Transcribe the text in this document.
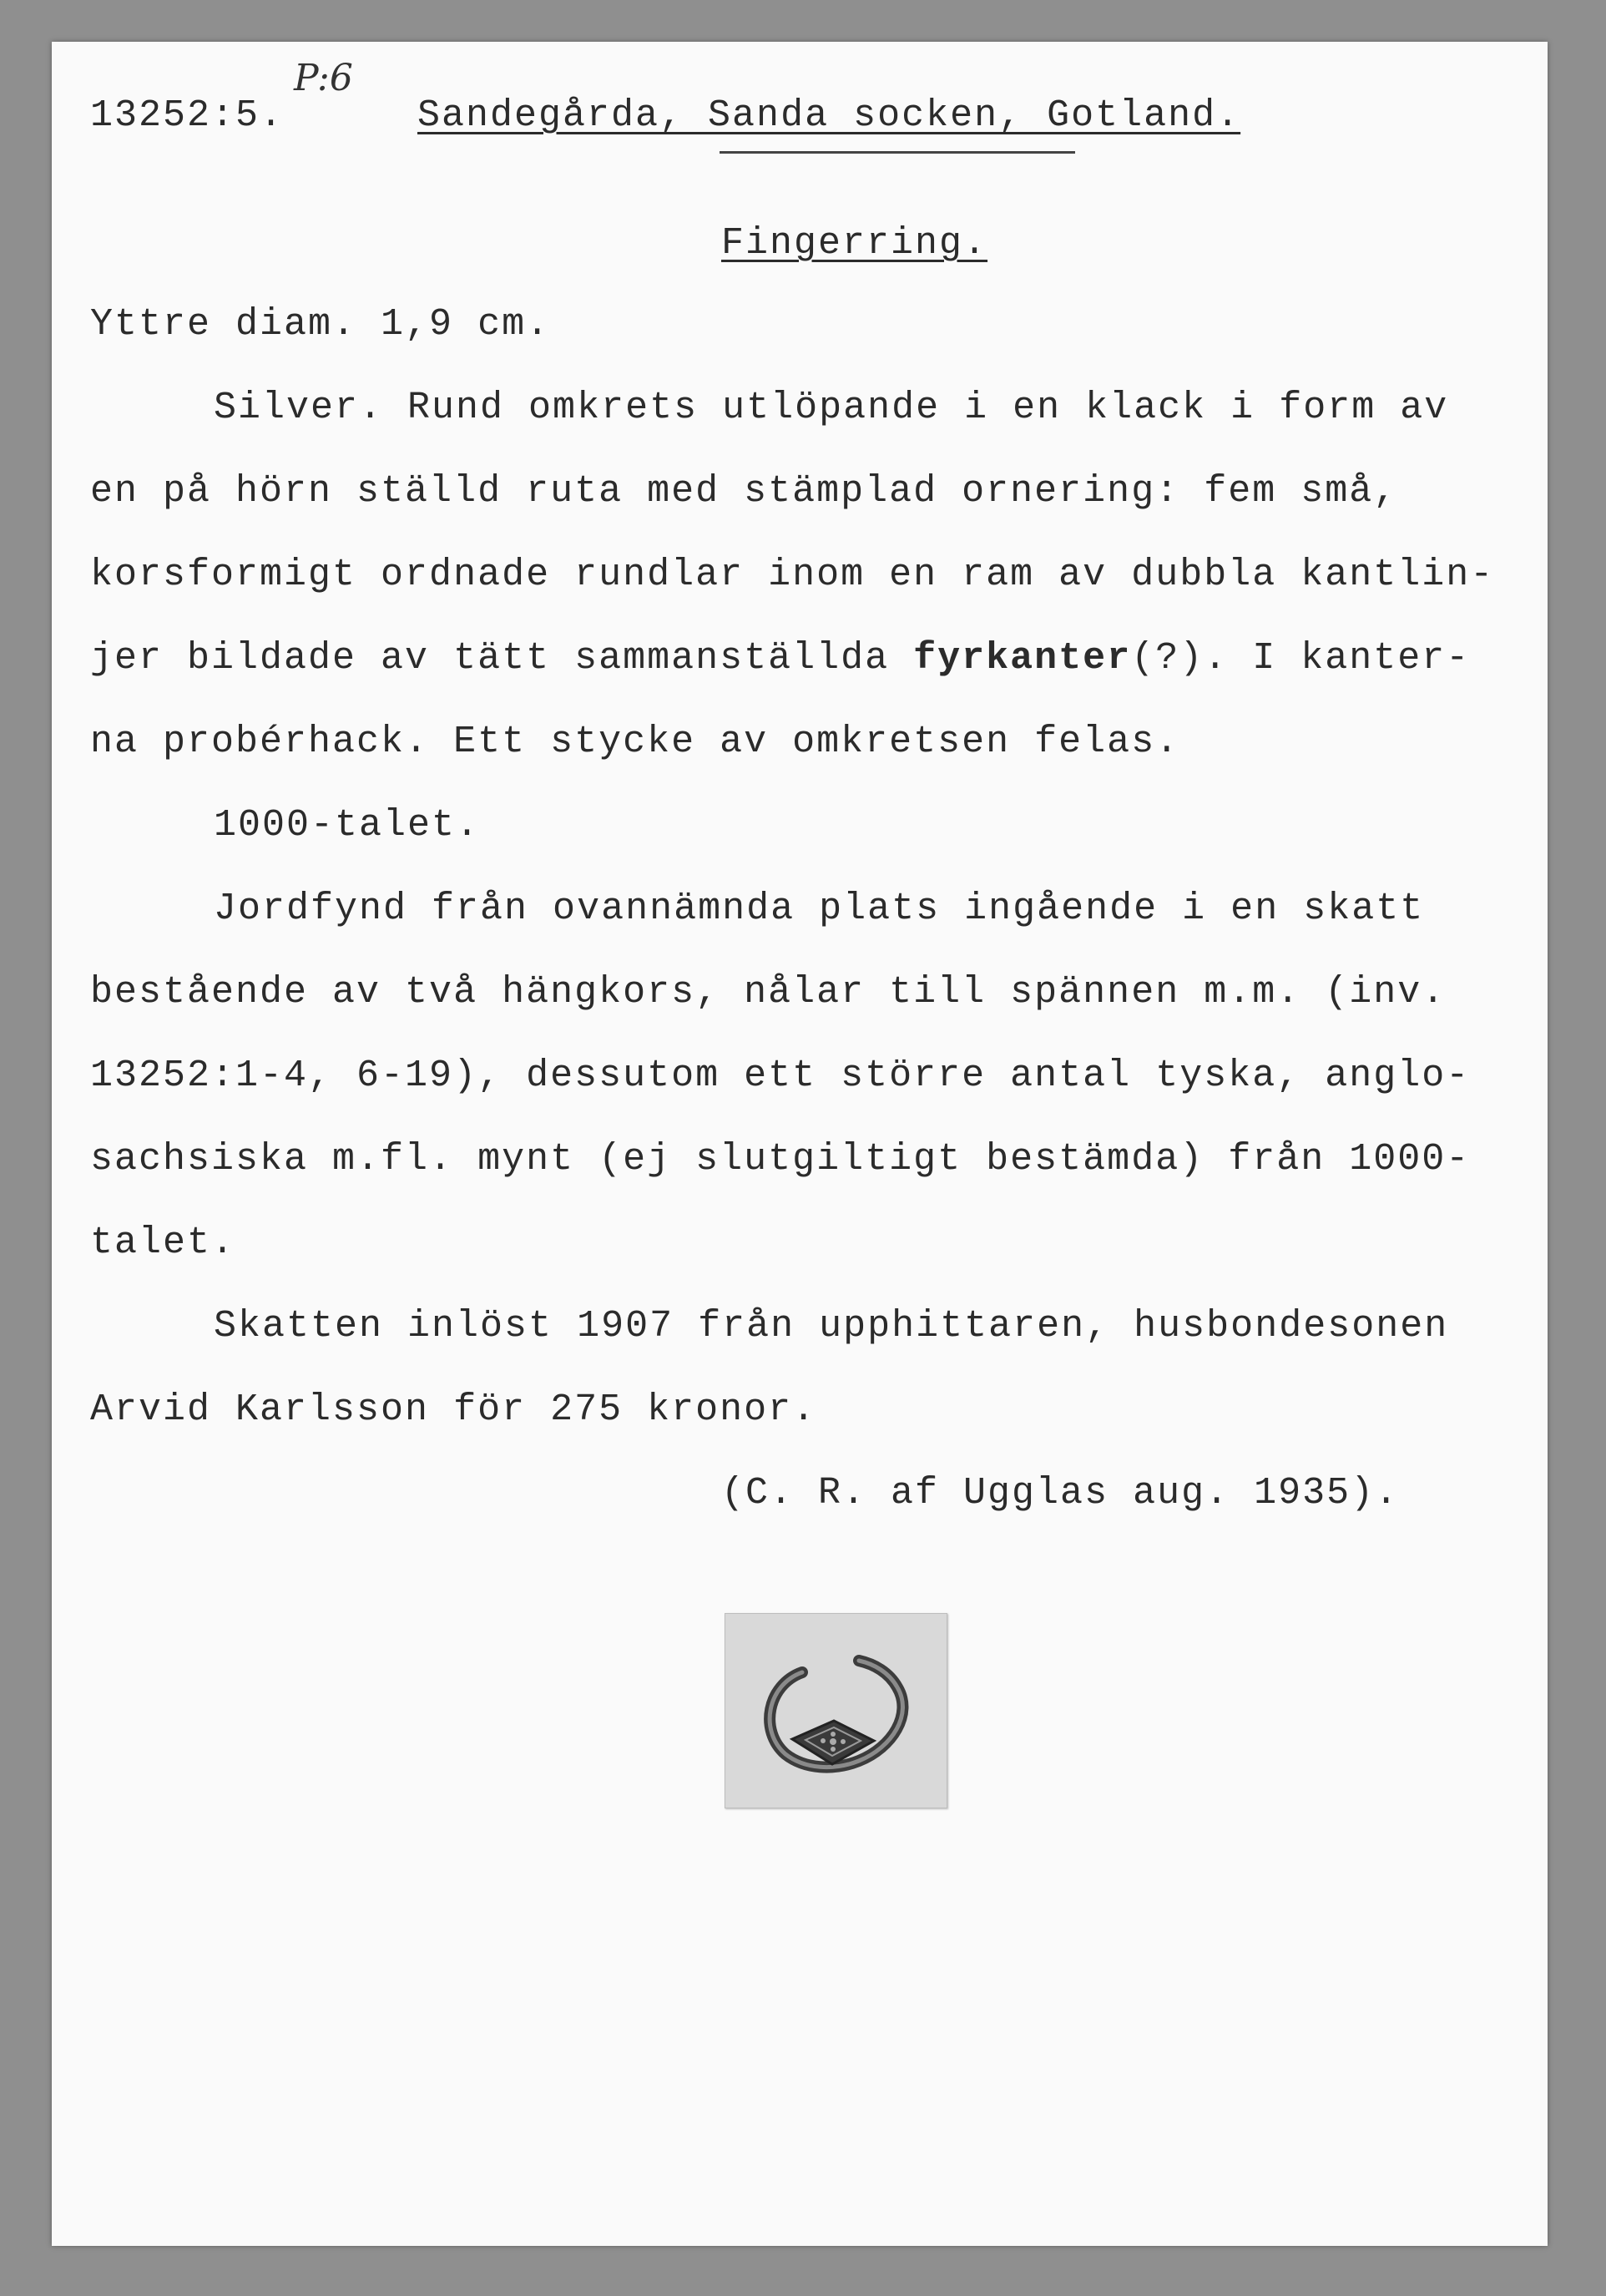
13252:5.
P:6
Sandegårda, Sanda socken, Gotland.
Fingerring.
Yttre diam. 1,9 cm.
Silver. Rund omkrets utlöpande i en klack i form av
en på hörn ställd ruta med stämplad ornering: fem små,
korsformigt ordnade rundlar inom en ram av dubbla kantlin-
jer bildade av tätt sammanställda fyrkanter(?). I kanter-
na probérhack. Ett stycke av omkretsen felas.
1000-talet.
Jordfynd från ovannämnda plats ingående i en skatt
bestående av två hängkors, nålar till spännen m.m. (inv.
13252:1-4, 6-19), dessutom ett större antal tyska, anglo-
sachsiska m.fl. mynt (ej slutgiltigt bestämda) från 1000-
talet.
Skatten inlöst 1907 från upphittaren, husbondesonen
Arvid Karlsson för 275 kronor.
(C. R. af Ugglas aug. 1935).
